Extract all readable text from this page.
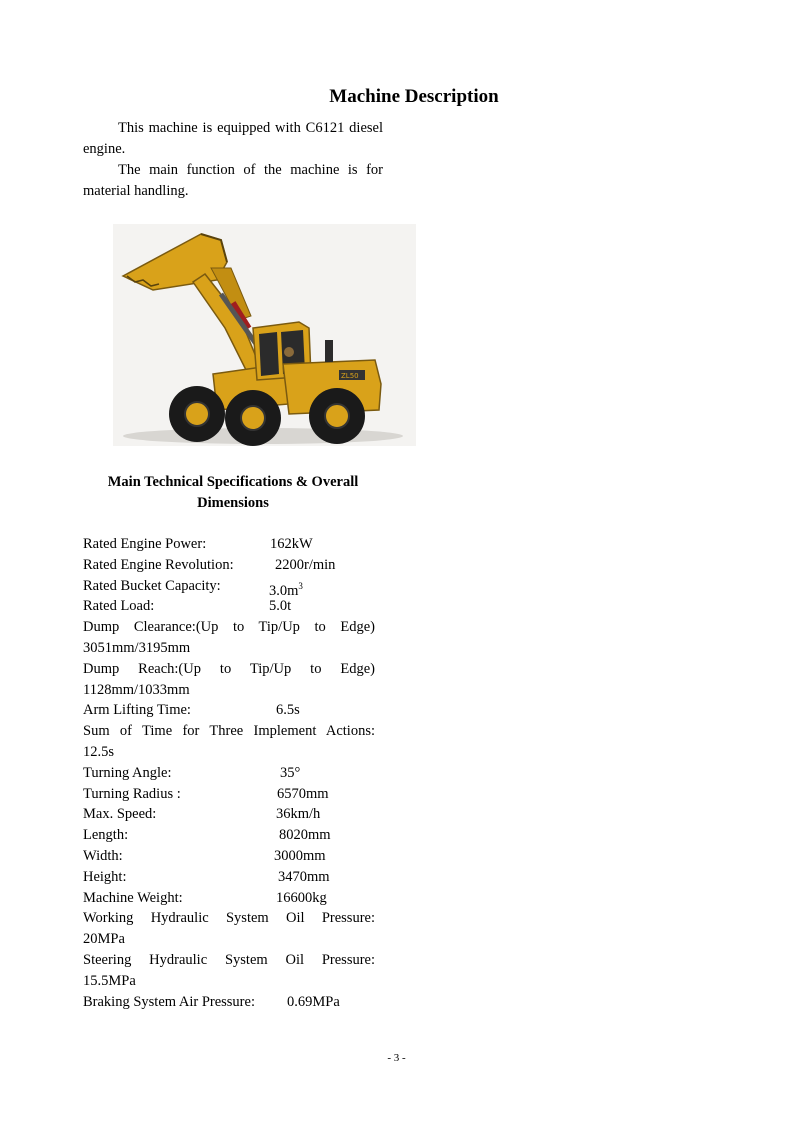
Machine Description

This machine is equipped with C6121 diesel engine.

The main function of the machine is for material handling.

ZL50
Main Technical Specifications & Overall Dimensions
Rated Engine Power:	162kW
Rated Engine Revolution:	2200r/min
Rated Bucket Capacity:	$3.0m^3$
Rated Load:	5.0t
Dump Clearance:(Up to Tip/Up to Edge)
3051mm/3195mm
Dump Reach:(Up to Tip/Up to Edge)
1128mm/1033mm
Arm Lifting Time:	6.5s
Sum of Time for Three Implement Actions:
12.5s
Turning Angle:	35°
Turning Radius :	6570mm
Max. Speed:	36km/h
Length:	8020mm
Width:	3000mm
Height:	3470mm
Machine Weight:	16600kg
Working Hydraulic System Oil Pressure:
20MPa
Steering Hydraulic System Oil Pressure:
15.5MPa
Braking System Air Pressure: 0.69MPa
- 3 -
